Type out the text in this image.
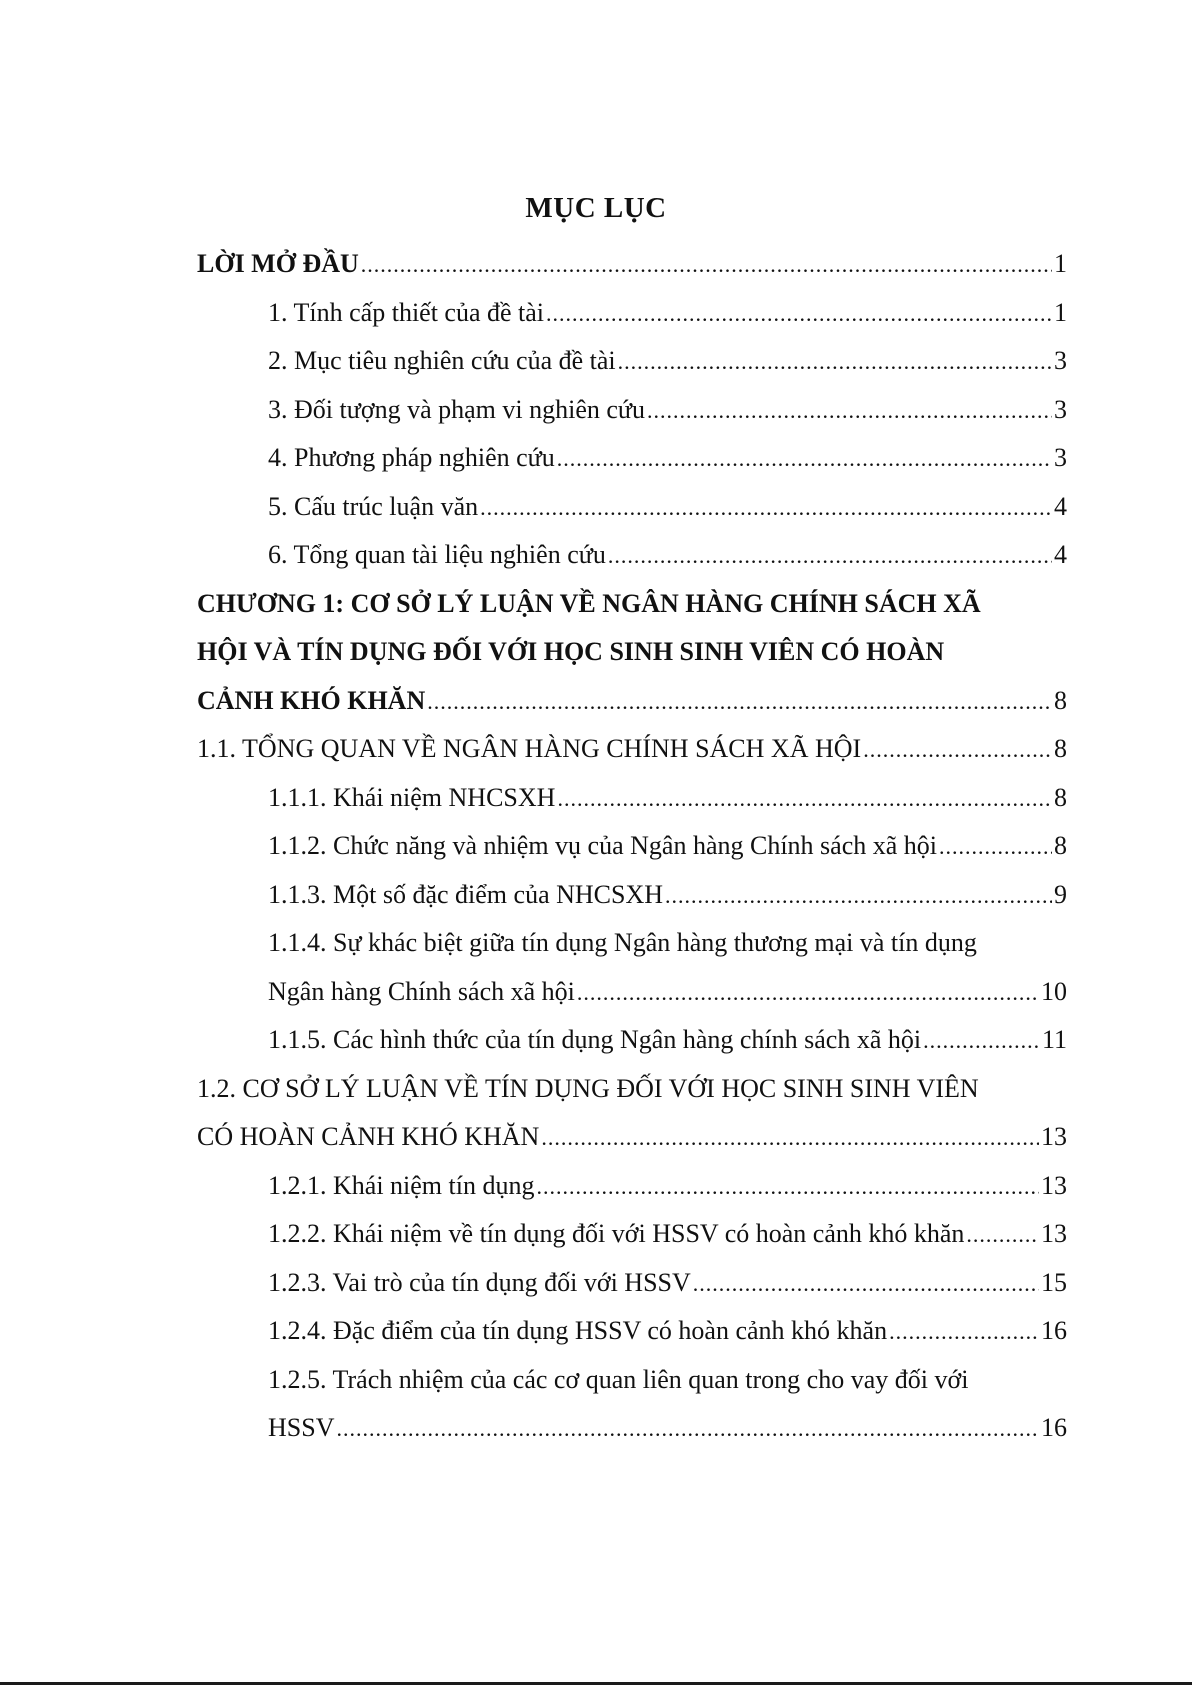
MỤC LỤC
LỜI MỞ ĐẦU .....	1
1. Tính cấp thiết của đề tài .....	1
2. Mục tiêu nghiên cứu của đề tài .....	3
3. Đối tượng và phạm vi nghiên cứu .....	3
4. Phương pháp nghiên cứu .....	3
5. Cấu trúc luận văn .....	4
6. Tổng quan tài liệu nghiên cứu .....	4
CHƯƠNG 1: CƠ SỞ LÝ LUẬN VỀ NGÂN HÀNG CHÍNH SÁCH XÃ
HỘI VÀ TÍN DỤNG ĐỐI VỚI HỌC SINH SINH VIÊN CÓ HOÀN
CẢNH KHÓ KHĂN .....	8
1.1. TỔNG QUAN VỀ NGÂN HÀNG CHÍNH SÁCH XÃ HỘI .....	8
1.1.1. Khái niệm NHCSXH .....	8
1.1.2. Chức năng và nhiệm vụ của Ngân hàng Chính sách xã hội .....	8
1.1.3. Một số đặc điểm của NHCSXH .....	9
1.1.4. Sự khác biệt giữa tín dụng Ngân hàng thương mại và tín dụng
Ngân hàng Chính sách xã hội .....	10
1.1.5. Các hình thức của tín dụng Ngân hàng chính sách xã hội .....	11
1.2. CƠ SỞ LÝ LUẬN VỀ TÍN DỤNG ĐỐI VỚI HỌC SINH SINH VIÊN
CÓ HOÀN CẢNH KHÓ KHĂN .....	13
1.2.1. Khái niệm tín dụng .....	13
1.2.2. Khái niệm về tín dụng đối với HSSV có hoàn cảnh khó khăn .....	13
1.2.3. Vai trò của tín dụng đối với HSSV .....	15
1.2.4. Đặc điểm của tín dụng HSSV có hoàn cảnh khó khăn .....	16
1.2.5. Trách nhiệm của các cơ quan liên quan trong cho vay đối với
HSSV .....	16
